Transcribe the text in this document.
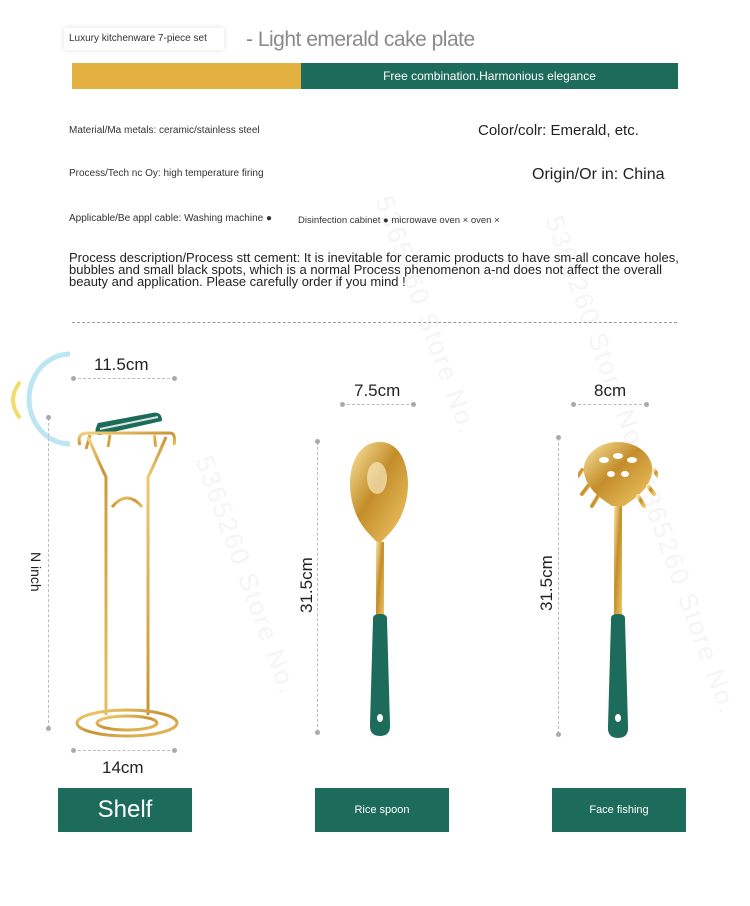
Luxury kitchenware 7-piece set	- Light emerald cake plate
Free combination.Harmonious elegance
Material/Ma metals: ceramic/stainless steel	Color/colr: Emerald, etc.
Process/Tech nc Oy: high temperature firing	Origin/Or in: China
Applicable/Be appl cable: Washing machine ●	Disinfection cabinet ● microwave oven × oven ×
Process description/Process stt cement: It is inevitable for ceramic products to have sm-all concave holes, bubbles and small black spots, which is a normal Process phenomenon a-nd does not affect the overall beauty and application. Please carefully order if you mind !
11.5cm
N inch
14cm
Shelf
7.5cm
31.5cm
Rice spoon
8cm
31.5cm
Face fishing
